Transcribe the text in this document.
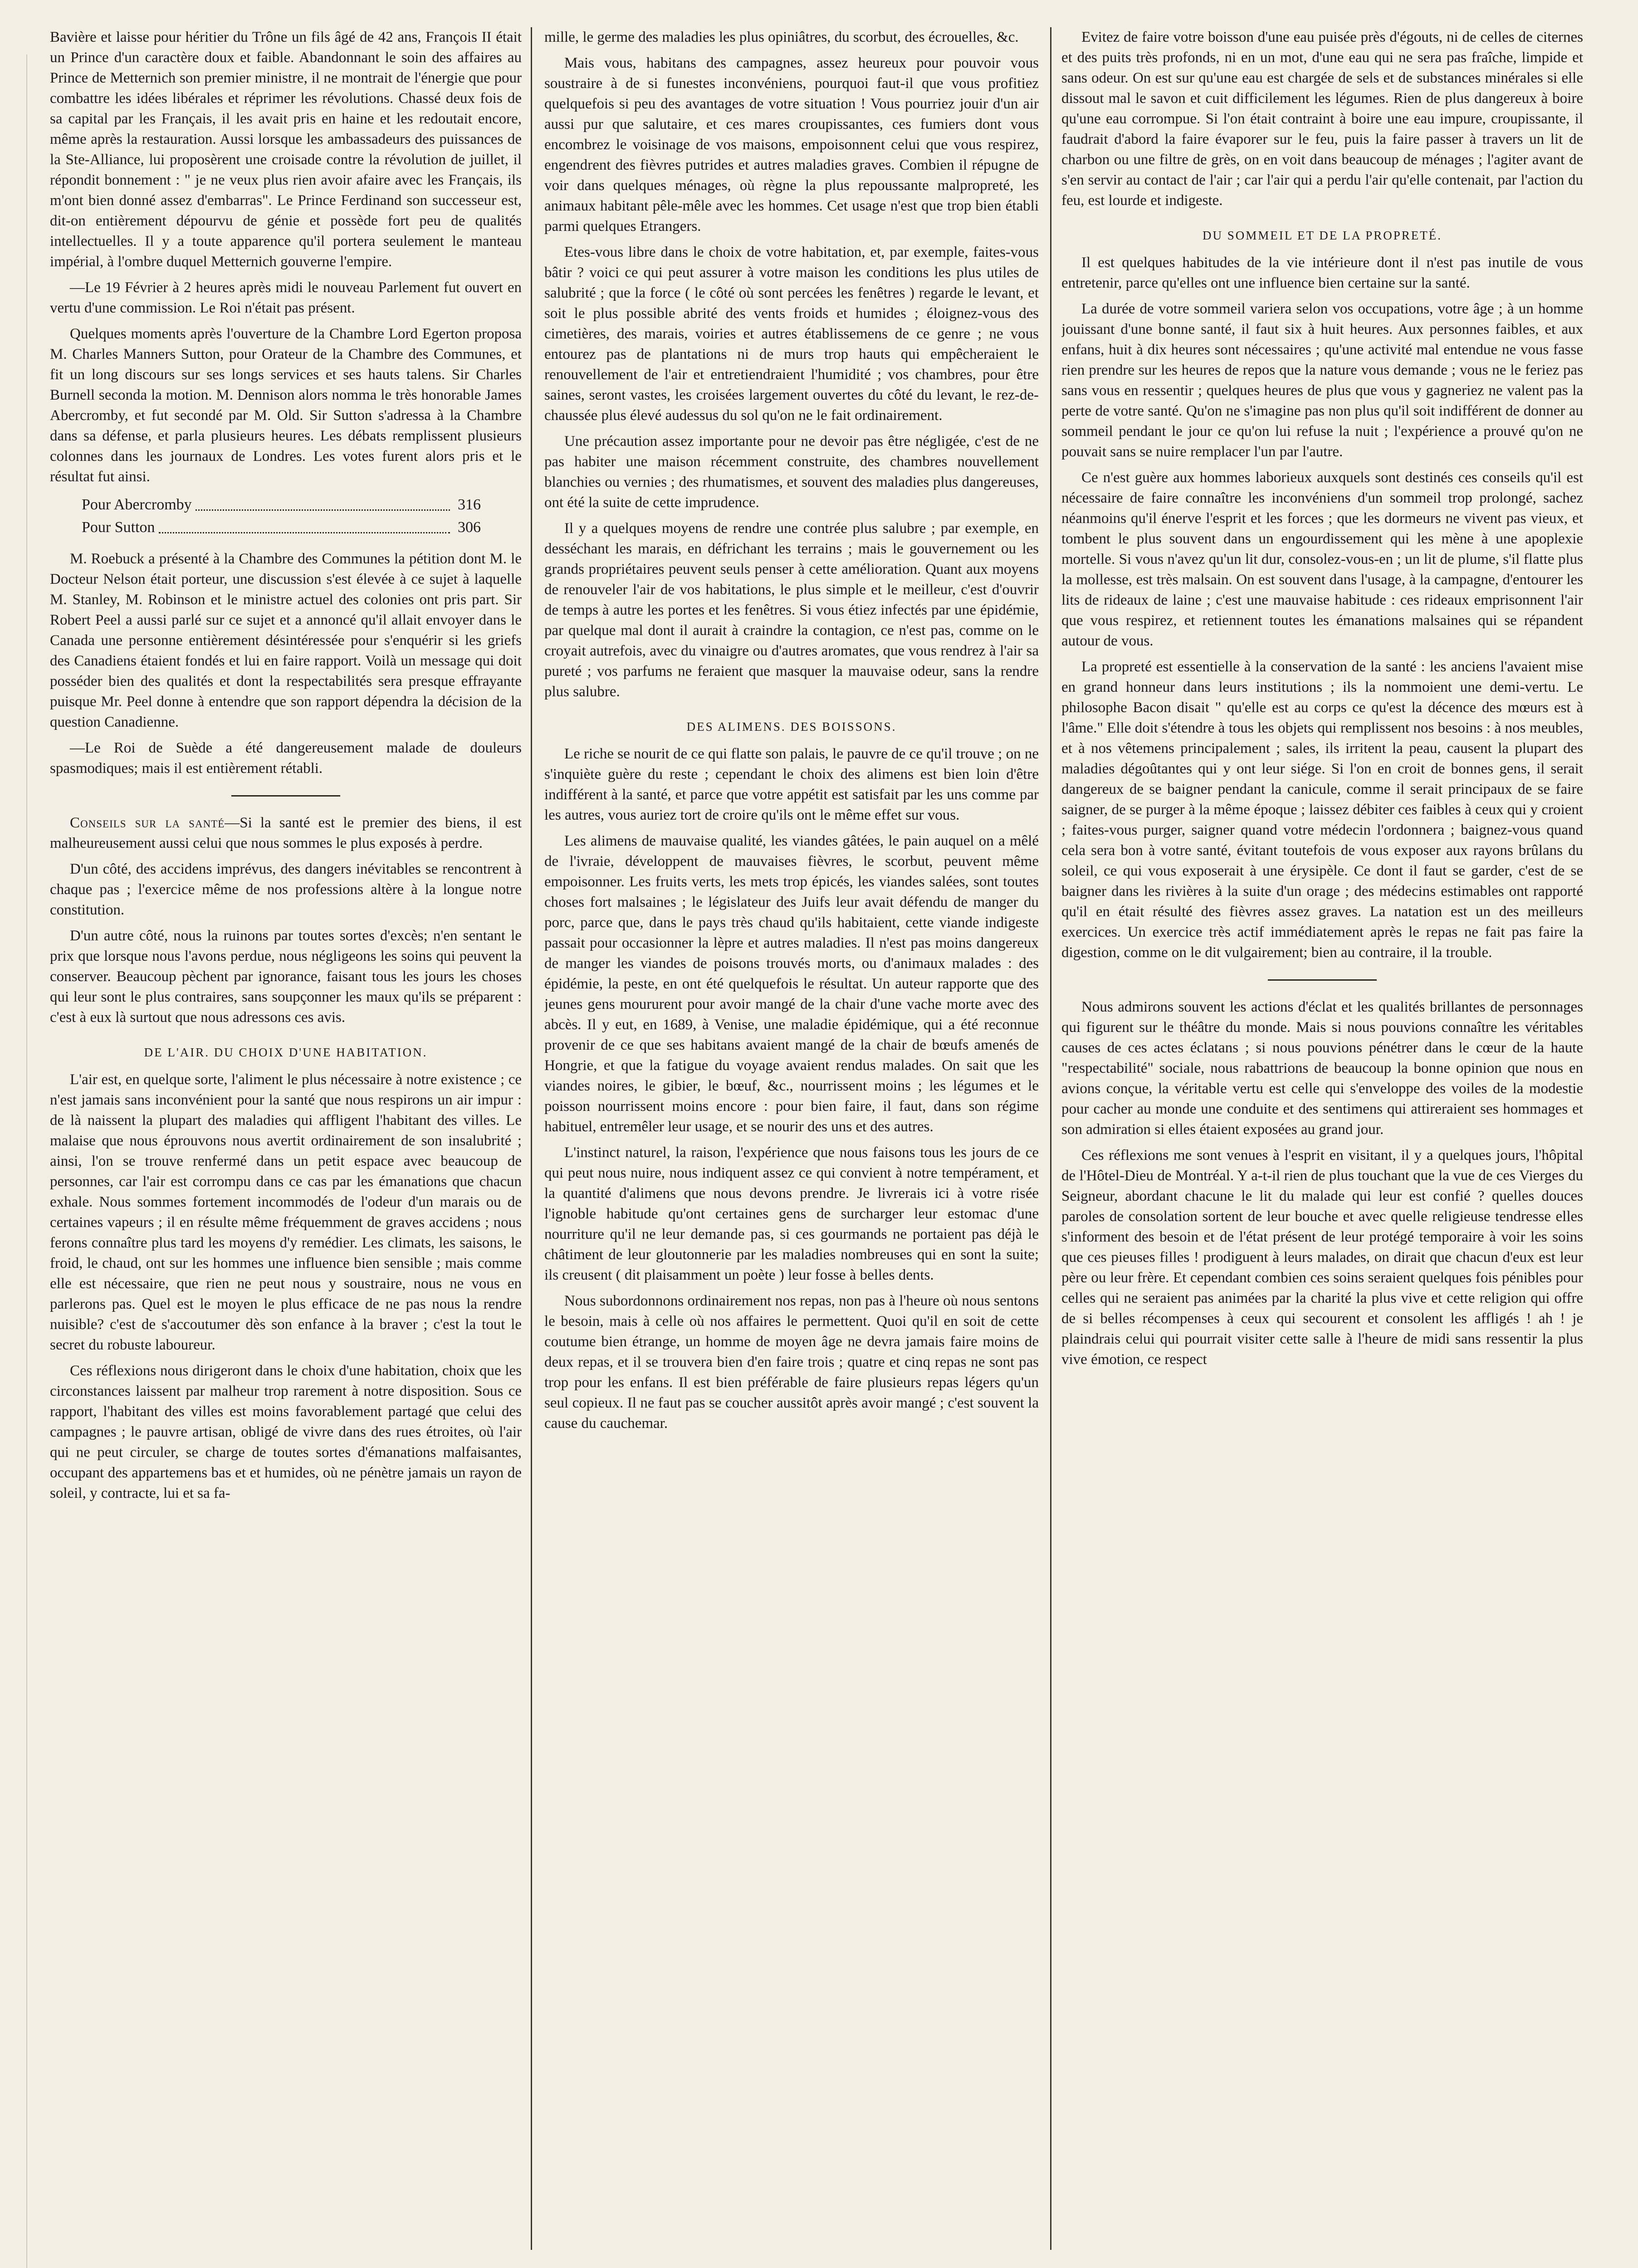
Bavière et laisse pour héritier du Trône un fils âgé de 42 ans, François II était un Prince d'un caractère doux et faible. Abandonnant le soin des affaires au Prince de Metternich son premier ministre, il ne montrait de l'énergie que pour combattre les idées libérales et réprimer les révolutions. Chassé deux fois de sa capital par les Français, il les avait pris en haine et les redoutait encore, même après la restauration. Aussi lorsque les ambassadeurs des puissances de la Ste-Alliance, lui proposèrent une croisade contre la révolution de juillet, il répondit bonnement : " je ne veux plus rien avoir afaire avec les Français, ils m'ont bien donné assez d'embarras". Le Prince Ferdinand son successeur est, dit-on entièrement dépourvu de génie et possède fort peu de qualités intellectuelles. Il y a toute apparence qu'il portera seulement le manteau impérial, à l'ombre duquel Metternich gouverne l'empire.

—Le 19 Février à 2 heures après midi le nouveau Parlement fut ouvert en vertu d'une commission. Le Roi n'était pas présent.

Quelques moments après l'ouverture de la Chambre Lord Egerton proposa M. Charles Manners Sutton, pour Orateur de la Chambre des Communes, et fit un long discours sur ses longs services et ses hauts talens. Sir Charles Burnell seconda la motion. M. Dennison alors nomma le très honorable James Abercromby, et fut secondé par M. Old. Sir Sutton s'adressa à la Chambre dans sa défense, et parla plusieurs heures. Les débats remplissent plusieurs colonnes dans les journaux de Londres. Les votes furent alors pris et le résultat fut ainsi.

Pour Abercromby	316
Pour Sutton	306

M. Roebuck a présenté à la Chambre des Communes la pétition dont M. le Docteur Nelson était porteur, une discussion s'est élevée à ce sujet à laquelle M. Stanley, M. Robinson et le ministre actuel des colonies ont pris part. Sir Robert Peel a aussi parlé sur ce sujet et a annoncé qu'il allait envoyer dans le Canada une personne entièrement désintéressée pour s'enquérir si les griefs des Canadiens étaient fondés et lui en faire rapport. Voilà un message qui doit posséder bien des qualités et dont la respectabilités sera presque effrayante puisque Mr. Peel donne à entendre que son rapport dépendra la décision de la question Canadienne.

—Le Roi de Suède a été dangereusement malade de douleurs spasmodiques; mais il est entièrement rétabli.

Conseils sur la santé—Si la santé est le premier des biens, il est malheureusement aussi celui que nous sommes le plus exposés à perdre.

D'un côté, des accidens imprévus, des dangers inévitables se rencontrent à chaque pas ; l'exercice même de nos professions altère à la longue notre constitution.

D'un autre côté, nous la ruinons par toutes sortes d'excès; n'en sentant le prix que lorsque nous l'avons perdue, nous négligeons les soins qui peuvent la conserver. Beaucoup pèchent par ignorance, faisant tous les jours les choses qui leur sont le plus contraires, sans soupçonner les maux qu'ils se préparent : c'est à eux là surtout que nous adressons ces avis.

DE L'AIR. DU CHOIX D'UNE HABITATION.

L'air est, en quelque sorte, l'aliment le plus nécessaire à notre existence ; ce n'est jamais sans inconvénient pour la santé que nous respirons un air impur : de là naissent la plupart des maladies qui affligent l'habitant des villes. Le malaise que nous éprouvons nous avertit ordinairement de son insalubrité ; ainsi, l'on se trouve renfermé dans un petit espace avec beaucoup de personnes, car l'air est corrompu dans ce cas par les émanations que chacun exhale. Nous sommes fortement incommodés de l'odeur d'un marais ou de certaines vapeurs ; il en résulte même fréquemment de graves accidens ; nous ferons connaître plus tard les moyens d'y remédier. Les climats, les saisons, le froid, le chaud, ont sur les hommes une influence bien sensible ; mais comme elle est nécessaire, que rien ne peut nous y soustraire, nous ne vous en parlerons pas. Quel est le moyen le plus efficace de ne pas nous la rendre nuisible? c'est de s'accoutumer dès son enfance à la braver ; c'est la tout le secret du robuste laboureur.

Ces réflexions nous dirigeront dans le choix d'une habitation, choix que les circonstances laissent par malheur trop rarement à notre disposition. Sous ce rapport, l'habitant des villes est moins favorablement partagé que celui des campagnes ; le pauvre artisan, obligé de vivre dans des rues étroites, où l'air qui ne peut circuler, se charge de toutes sortes d'émanations malfaisantes, occupant des appartemens bas et et humides, où ne pénètre jamais un rayon de soleil, y contracte, lui et sa fa-

mille, le germe des maladies les plus opiniâtres, du scorbut, des écrouelles, &c.

Mais vous, habitans des campagnes, assez heureux pour pouvoir vous soustraire à de si funestes inconvéniens, pourquoi faut-il que vous profitiez quelquefois si peu des avantages de votre situation ! Vous pourriez jouir d'un air aussi pur que salutaire, et ces mares croupissantes, ces fumiers dont vous encombrez le voisinage de vos maisons, empoisonnent celui que vous respirez, engendrent des fièvres putrides et autres maladies graves. Combien il répugne de voir dans quelques ménages, où règne la plus repoussante malpropreté, les animaux habitant pêle-mêle avec les hommes. Cet usage n'est que trop bien établi parmi quelques Etrangers.

Etes-vous libre dans le choix de votre habitation, et, par exemple, faites-vous bâtir ? voici ce qui peut assurer à votre maison les conditions les plus utiles de salubrité ; que la force ( le côté où sont percées les fenêtres ) regarde le levant, et soit le plus possible abrité des vents froids et humides ; éloignez-vous des cimetières, des marais, voiries et autres établissemens de ce genre ; ne vous entourez pas de plantations ni de murs trop hauts qui empêcheraient le renouvellement de l'air et entretiendraient l'humidité ; vos chambres, pour être saines, seront vastes, les croisées largement ouvertes du côté du levant, le rez-de-chaussée plus élevé audessus du sol qu'on ne le fait ordinairement.

Une précaution assez importante pour ne devoir pas être négligée, c'est de ne pas habiter une maison récemment construite, des chambres nouvellement blanchies ou vernies ; des rhumatismes, et souvent des maladies plus dangereuses, ont été la suite de cette imprudence.

Il y a quelques moyens de rendre une contrée plus salubre ; par exemple, en desséchant les marais, en défrichant les terrains ; mais le gouvernement ou les grands propriétaires peuvent seuls penser à cette amélioration. Quant aux moyens de renouveler l'air de vos habitations, le plus simple et le meilleur, c'est d'ouvrir de temps à autre les portes et les fenêtres. Si vous étiez infectés par une épidémie, par quelque mal dont il aurait à craindre la contagion, ce n'est pas, comme on le croyait autrefois, avec du vinaigre ou d'autres aromates, que vous rendrez à l'air sa pureté ; vos parfums ne feraient que masquer la mauvaise odeur, sans la rendre plus salubre.

DES ALIMENS. DES BOISSONS.

Le riche se nourit de ce qui flatte son palais, le pauvre de ce qu'il trouve ; on ne s'inquiète guère du reste ; cependant le choix des alimens est bien loin d'être indifférent à la santé, et parce que votre appétit est satisfait par les uns comme par les autres, vous auriez tort de croire qu'ils ont le même effet sur vous.

Les alimens de mauvaise qualité, les viandes gâtées, le pain auquel on a mêlé de l'ivraie, développent de mauvaises fièvres, le scorbut, peuvent même empoisonner. Les fruits verts, les mets trop épicés, les viandes salées, sont toutes choses fort malsaines ; le législateur des Juifs leur avait défendu de manger du porc, parce que, dans le pays très chaud qu'ils habitaient, cette viande indigeste passait pour occasionner la lèpre et autres maladies. Il n'est pas moins dangereux de manger les viandes de poisons trouvés morts, ou d'animaux malades : des épidémie, la peste, en ont été quelquefois le résultat. Un auteur rapporte que des jeunes gens moururent pour avoir mangé de la chair d'une vache morte avec des abcès. Il y eut, en 1689, à Venise, une maladie épidémique, qui a été reconnue provenir de ce que ses habitans avaient mangé de la chair de bœufs amenés de Hongrie, et que la fatigue du voyage avaient rendus malades. On sait que les viandes noires, le gibier, le bœuf, &c., nourrissent moins ; les légumes et le poisson nourrissent moins encore : pour bien faire, il faut, dans son régime habituel, entremêler leur usage, et se nourir des uns et des autres.

L'instinct naturel, la raison, l'expérience que nous faisons tous les jours de ce qui peut nous nuire, nous indiquent assez ce qui convient à notre tempérament, et la quantité d'alimens que nous devons prendre. Je livrerais ici à votre risée l'ignoble habitude qu'ont certaines gens de surcharger leur estomac d'une nourriture qu'il ne leur demande pas, si ces gourmands ne portaient pas déjà le châtiment de leur gloutonnerie par les maladies nombreuses qui en sont la suite; ils creusent ( dit plaisamment un poète ) leur fosse à belles dents.

Nous subordonnons ordinairement nos repas, non pas à l'heure où nous sentons le besoin, mais à celle où nos affaires le permettent. Quoi qu'il en soit de cette coutume bien étrange, un homme de moyen âge ne devra jamais faire moins de deux repas, et il se trouvera bien d'en faire trois ; quatre et cinq repas ne sont pas trop pour les enfans. Il est bien préférable de faire plusieurs repas légers qu'un seul copieux. Il ne faut pas se coucher aussitôt après avoir mangé ; c'est souvent la cause du cauchemar.

Evitez de faire votre boisson d'une eau puisée près d'égouts, ni de celles de citernes et des puits très profonds, ni en un mot, d'une eau qui ne sera pas fraîche, limpide et sans odeur. On est sur qu'une eau est chargée de sels et de substances minérales si elle dissout mal le savon et cuit difficilement les légumes. Rien de plus dangereux à boire qu'une eau corrompue. Si l'on était contraint à boire une eau impure, croupissante, il faudrait d'abord la faire évaporer sur le feu, puis la faire passer à travers un lit de charbon ou une filtre de grès, on en voit dans beaucoup de ménages ; l'agiter avant de s'en servir au contact de l'air ; car l'air qui a perdu l'air qu'elle contenait, par l'action du feu, est lourde et indigeste.

DU SOMMEIL ET DE LA PROPRETÉ.

Il est quelques habitudes de la vie intérieure dont il n'est pas inutile de vous entretenir, parce qu'elles ont une influence bien certaine sur la santé.

La durée de votre sommeil variera selon vos occupations, votre âge ; à un homme jouissant d'une bonne santé, il faut six à huit heures. Aux personnes faibles, et aux enfans, huit à dix heures sont nécessaires ; qu'une activité mal entendue ne vous fasse rien prendre sur les heures de repos que la nature vous demande ; vous ne le feriez pas sans vous en ressentir ; quelques heures de plus que vous y gagneriez ne valent pas la perte de votre santé. Qu'on ne s'imagine pas non plus qu'il soit indifférent de donner au sommeil pendant le jour ce qu'on lui refuse la nuit ; l'expérience a prouvé qu'on ne pouvait sans se nuire remplacer l'un par l'autre.

Ce n'est guère aux hommes laborieux auxquels sont destinés ces conseils qu'il est nécessaire de faire connaître les inconvéniens d'un sommeil trop prolongé, sachez néanmoins qu'il énerve l'esprit et les forces ; que les dormeurs ne vivent pas vieux, et tombent le plus souvent dans un engourdissement qui les mène à une apoplexie mortelle. Si vous n'avez qu'un lit dur, consolez-vous-en ; un lit de plume, s'il flatte plus la mollesse, est très malsain. On est souvent dans l'usage, à la campagne, d'entourer les lits de rideaux de laine ; c'est une mauvaise habitude : ces rideaux emprisonnent l'air que vous respirez, et retiennent toutes les émanations malsaines qui se répandent autour de vous.

La propreté est essentielle à la conservation de la santé : les anciens l'avaient mise en grand honneur dans leurs institutions ; ils la nommoient une demi-vertu. Le philosophe Bacon disait " qu'elle est au corps ce qu'est la décence des mœurs est à l'âme." Elle doit s'étendre à tous les objets qui remplissent nos besoins : à nos meubles, et à nos vêtemens principalement ; sales, ils irritent la peau, causent la plupart des maladies dégoûtantes qui y ont leur siége. Si l'on en croit de bonnes gens, il serait dangereux de se baigner pendant la canicule, comme il serait principaux de se faire saigner, de se purger à la même époque ; laissez débiter ces faibles à ceux qui y croient ; faites-vous purger, saigner quand votre médecin l'ordonnera ; baignez-vous quand cela sera bon à votre santé, évitant toutefois de vous exposer aux rayons brûlans du soleil, ce qui vous exposerait à une érysipèle. Ce dont il faut se garder, c'est de se baigner dans les rivières à la suite d'un orage ; des médecins estimables ont rapporté qu'il en était résulté des fièvres assez graves. La natation est un des meilleurs exercices. Un exercice très actif immédiatement après le repas ne fait pas faire la digestion, comme on le dit vulgairement; bien au contraire, il la trouble.

Nous admirons souvent les actions d'éclat et les qualités brillantes de personnages qui figurent sur le théâtre du monde. Mais si nous pouvions connaître les véritables causes de ces actes éclatans ; si nous pouvions pénétrer dans le cœur de la haute "respectabilité" sociale, nous rabattrions de beaucoup la bonne opinion que nous en avions conçue, la véritable vertu est celle qui s'enveloppe des voiles de la modestie pour cacher au monde une conduite et des sentimens qui attireraient ses hommages et son admiration si elles étaient exposées au grand jour.

Ces réflexions me sont venues à l'esprit en visitant, il y a quelques jours, l'hôpital de l'Hôtel-Dieu de Montréal. Y a-t-il rien de plus touchant que la vue de ces Vierges du Seigneur, abordant chacune le lit du malade qui leur est confié ? quelles douces paroles de consolation sortent de leur bouche et avec quelle religieuse tendresse elles s'informent des besoin et de l'état présent de leur protégé temporaire à voir les soins que ces pieuses filles ! prodiguent à leurs malades, on dirait que chacun d'eux est leur père ou leur frère. Et cependant combien ces soins seraient quelques fois pénibles pour celles qui ne seraient pas animées par la charité la plus vive et cette religion qui offre de si belles récompenses à ceux qui secourent et consolent les affligés ! ah ! je plaindrais celui qui pourrait visiter cette salle à l'heure de midi sans ressentir la plus vive émotion, ce respect
